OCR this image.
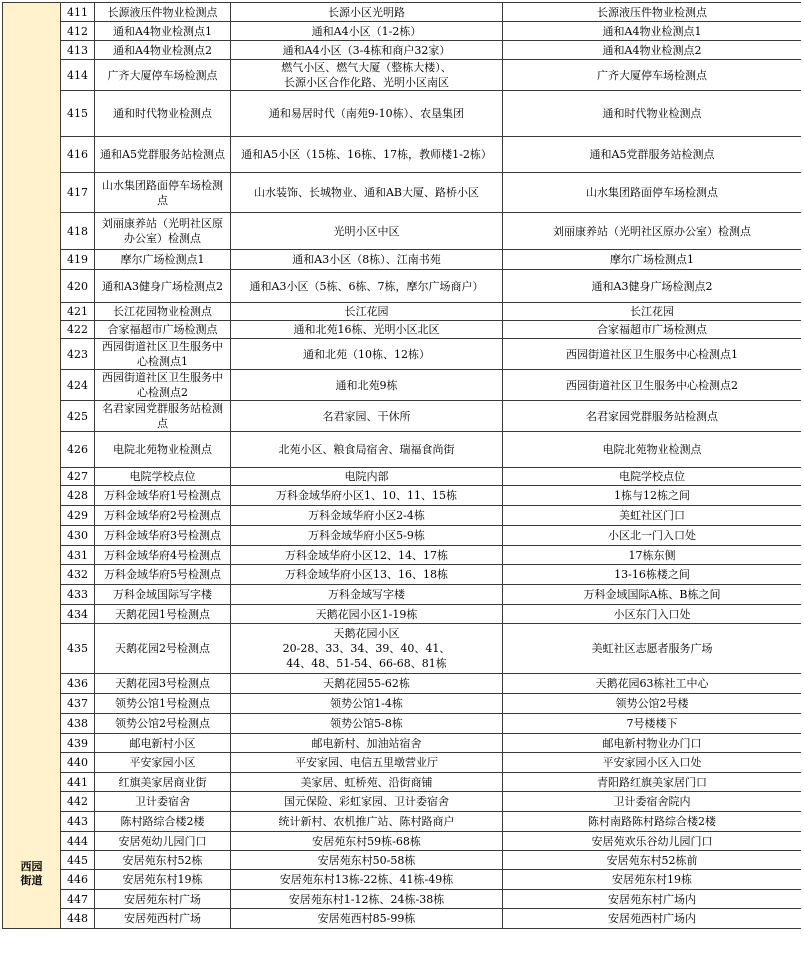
西园
街道	411	长源液压件物业检测点	长源小区光明路	长源液压件物业检测点
	412	通和A4物业检测点1	通和A4小区（1-2栋）	通和A4物业检测点1
	413	通和A4物业检测点2	通和A4小区（3-4栋和商户32家）	通和A4物业检测点2
	414	广齐大厦停车场检测点	燃气小区、燃气大厦（整栋大楼）、
长源小区合作化路、光明小区南区	广齐大厦停车场检测点
	415	通和时代物业检测点	通和易居时代（南苑9-10栋）、农垦集团	通和时代物业检测点
	416	通和A5党群服务站检测点	通和A5小区（15栋、16栋、17栋，教师楼1-2栋）	通和A5党群服务站检测点
	417	山水集团路面停车场检测点	山水装饰、长城物业、通和AB大厦、路桥小区	山水集团路面停车场检测点
	418	刘丽康养站（光明社区原办公室）检测点	光明小区中区	刘丽康养站（光明社区原办公室）检测点
	419	摩尔广场检测点1	通和A3小区（8栋）、江南书苑	摩尔广场检测点1
	420	通和A3健身广场检测点2	通和A3小区（5栋、6栋、7栋，摩尔广场商户）	通和A3健身广场检测点2
	421	长江花园物业检测点	长江花园	长江花园
	422	合家福超市广场检测点	通和北苑16栋、光明小区北区	合家福超市广场检测点
	423	西园街道社区卫生服务中心检测点1	通和北苑（10栋、12栋）	西园街道社区卫生服务中心检测点1
	424	西园街道社区卫生服务中心检测点2	通和北苑9栋	西园街道社区卫生服务中心检测点2
	425	名君家园党群服务站检测点	名君家园、干休所	名君家园党群服务站检测点
	426	电院北苑物业检测点	北苑小区、粮食局宿舍、瑞福食尚街	电院北苑物业检测点
	427	电院学校点位	电院内部	电院学校点位
	428	万科金域华府1号检测点	万科金域华府小区1、10、11、15栋	1栋与12栋之间
	429	万科金域华府2号检测点	万科金域华府小区2-4栋	美虹社区门口
	430	万科金域华府3号检测点	万科金域华府小区5-9栋	小区北一门入口处
	431	万科金域华府4号检测点	万科金域华府小区12、14、17栋	17栋东侧
	432	万科金域华府5号检测点	万科金域华府小区13、16、18栋	13-16栋楼之间
	433	万科金域国际写字楼	万科金域写字楼	万科金域国际A栋、B栋之间
	434	天鹅花园1号检测点	天鹅花园小区1-19栋	小区东门入口处
	435	天鹅花园2号检测点	天鹅花园小区
20-28、33、34、39、40、41、
44、48、51-54、66-68、81栋	美虹社区志愿者服务广场
	436	天鹅花园3号检测点	天鹅花园55-62栋	天鹅花园63栋社工中心
	437	领势公馆1号检测点	领势公馆1-4栋	领势公馆2号楼
	438	领势公馆2号检测点	领势公馆5-8栋	7号楼楼下
	439	邮电新村小区	邮电新村、加油站宿舍	邮电新村物业办门口
	440	平安家园小区	平安家园、电信五里墩营业厅	平安家园小区入口处
	441	红旗美家居商业街	美家居、虹桥苑、沿街商铺	青阳路红旗美家居门口
	442	卫计委宿舍	国元保险、彩虹家园、卫计委宿舍	卫计委宿舍院内
	443	陈村路综合楼2楼	统计新村、农机推广站、陈村路商户	陈村南路陈村路综合楼2楼
	444	安居苑幼儿园门口	安居苑东村59栋-68栋	安居苑欢乐谷幼儿园门口
	445	安居苑东村52栋	安居苑东村50-58栋	安居苑东村52栋前
	446	安居苑东村19栋	安居苑东村13栋-22栋、41栋-49栋	安居苑东村19栋
	447	安居苑东村广场	安居苑东村1-12栋、24栋-38栋	安居苑东村广场内
	448	安居苑西村广场	安居苑西村85-99栋	安居苑西村广场内
